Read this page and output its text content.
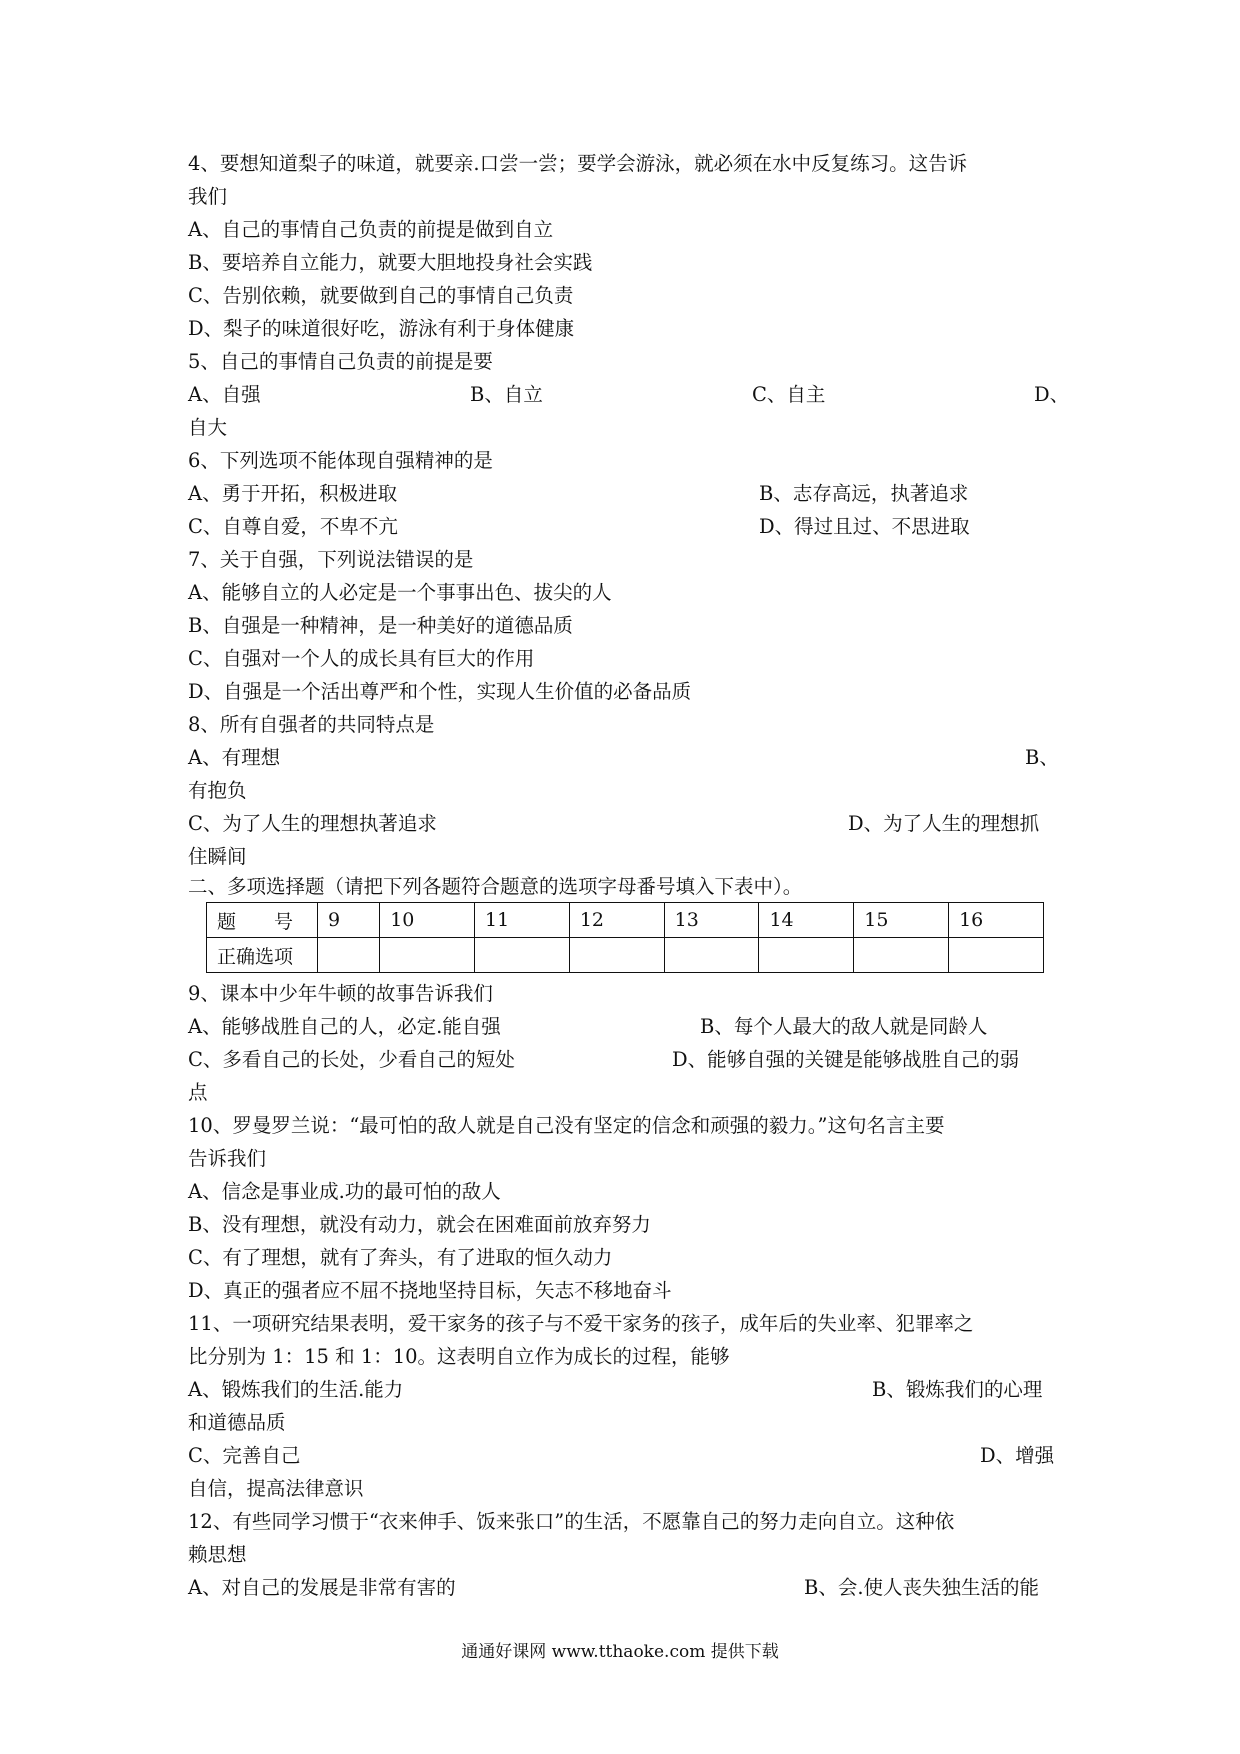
4、要想知道梨子的味道，就要亲.口尝一尝；要学会游泳，就必须在水中反复练习。这告诉
我们
A、自己的事情自己负责的前提是做到自立
B、要培养自立能力，就要大胆地投身社会实践
C、告别依赖，就要做到自己的事情自己负责
D、梨子的味道很好吃，游泳有利于身体健康
5、自己的事情自己负责的前提是要
A、自强	B、自立	C、自主	D、
自大
6、下列选项不能体现自强精神的是
A、勇于开拓，积极进取	B、志存高远，执著追求
C、自尊自爱，不卑不亢	D、得过且过、不思进取
7、关于自强，下列说法错误的是
A、能够自立的人必定是一个事事出色、拔尖的人
B、自强是一种精神，是一种美好的道德品质
C、自强对一个人的成长具有巨大的作用
D、自强是一个活出尊严和个性，实现人生价值的必备品质
8、所有自强者的共同特点是
A、有理想	B、
有抱负
C、为了人生的理想执著追求	D、为了人生的理想抓
住瞬间
二、多项选择题（请把下列各题符合题意的选项字母番号填入下表中）。
题　　号	9	10	11	12	13	14	15	16
正确选项								
9、课本中少年牛顿的故事告诉我们
A、能够战胜自己的人，必定.能自强	B、每个人最大的敌人就是同龄人
C、多看自己的长处，少看自己的短处	D、能够自强的关键是能够战胜自己的弱
点
10、罗曼罗兰说：“最可怕的敌人就是自己没有坚定的信念和顽强的毅力。”这句名言主要
告诉我们
A、信念是事业成.功的最可怕的敌人
B、没有理想，就没有动力，就会在困难面前放弃努力
C、有了理想，就有了奔头，有了进取的恒久动力
D、真正的强者应不屈不挠地坚持目标，矢志不移地奋斗
11、一项研究结果表明，爱干家务的孩子与不爱干家务的孩子，成年后的失业率、犯罪率之
比分别为 1：15 和 1：10。这表明自立作为成长的过程，能够
A、锻炼我们的生活.能力	B、锻炼我们的心理
和道德品质
C、完善自己	D、增强
自信，提高法律意识
12、有些同学习惯于“衣来伸手、饭来张口”的生活，不愿靠自己的努力走向自立。这种依
赖思想
A、对自己的发展是非常有害的	B、会.使人丧失独生活的能
通通好课网 www.tthaoke.com 提供下载
